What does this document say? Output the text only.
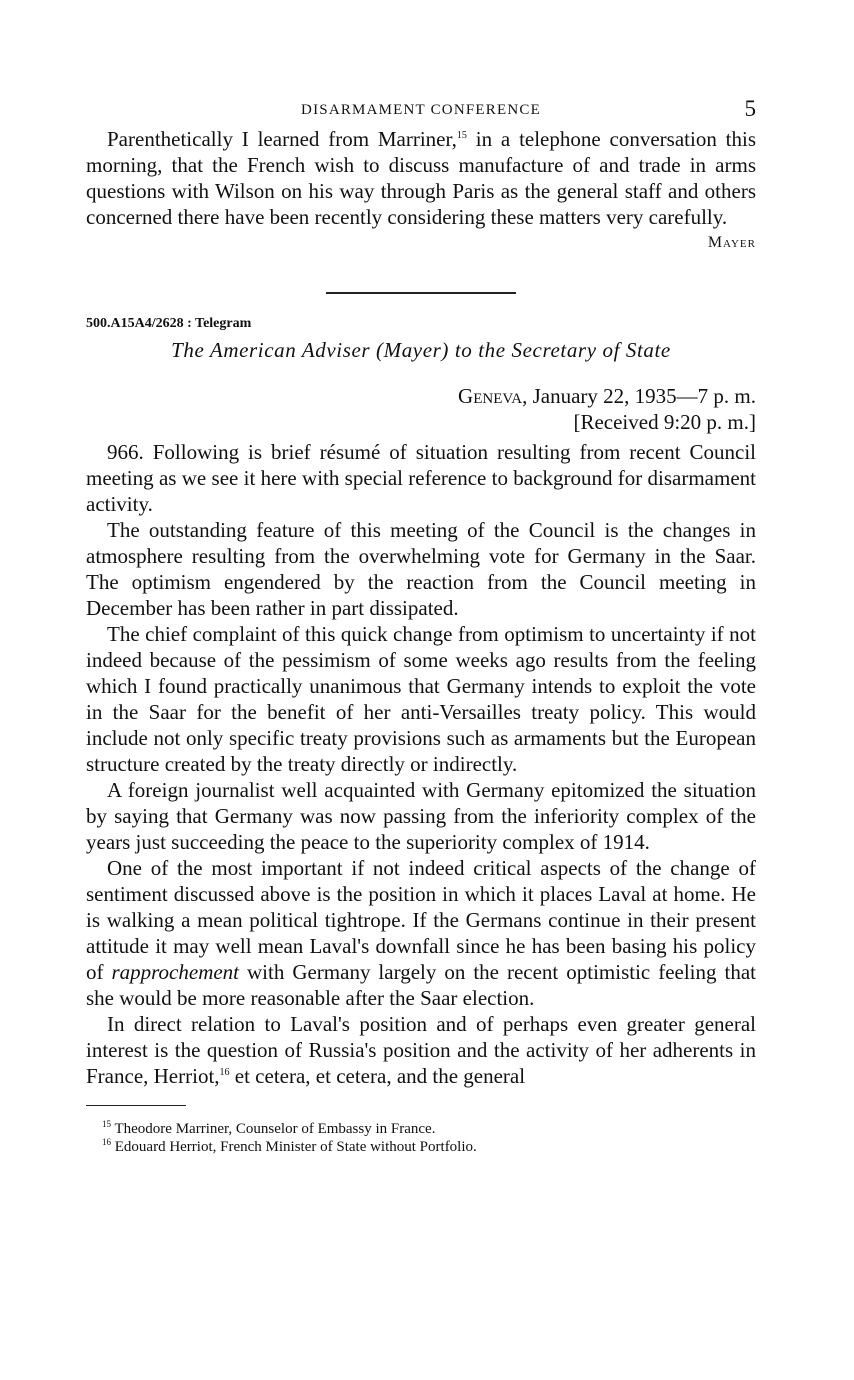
DISARMAMENT CONFERENCE	5

Parenthetically I learned from Marriner,$^{15}$ in a telephone conversation this morning, that the French wish to discuss manufacture of and trade in arms questions with Wilson on his way through Paris as the general staff and others concerned there have been recently considering these matters very carefully.

Mayer
500.A15A4/2628 : Telegram
The American Adviser (Mayer) to the Secretary of State
Geneva, January 22, 1935—7 p. m.
[Received 9:20 p. m.]

966. Following is brief résumé of situation resulting from recent Council meeting as we see it here with special reference to background for disarmament activity.

The outstanding feature of this meeting of the Council is the changes in atmosphere resulting from the overwhelming vote for Germany in the Saar. The optimism engendered by the reaction from the Council meeting in December has been rather in part dissipated.

The chief complaint of this quick change from optimism to uncertainty if not indeed because of the pessimism of some weeks ago results from the feeling which I found practically unanimous that Germany intends to exploit the vote in the Saar for the benefit of her anti-Versailles treaty policy. This would include not only specific treaty provisions such as armaments but the European structure created by the treaty directly or indirectly.

A foreign journalist well acquainted with Germany epitomized the situation by saying that Germany was now passing from the inferiority complex of the years just succeeding the peace to the superiority complex of 1914.

One of the most important if not indeed critical aspects of the change of sentiment discussed above is the position in which it places Laval at home. He is walking a mean political tightrope. If the Germans continue in their present attitude it may well mean Laval's downfall since he has been basing his policy of rapprochement with Germany largely on the recent optimistic feeling that she would be more reasonable after the Saar election.

In direct relation to Laval's position and of perhaps even greater general interest is the question of Russia's position and the activity of her adherents in France, Herriot,$^{16}$ et cetera, et cetera, and the general

$^{15}$ Theodore Marriner, Counselor of Embassy in France.
$^{16}$ Edouard Herriot, French Minister of State without Portfolio.
